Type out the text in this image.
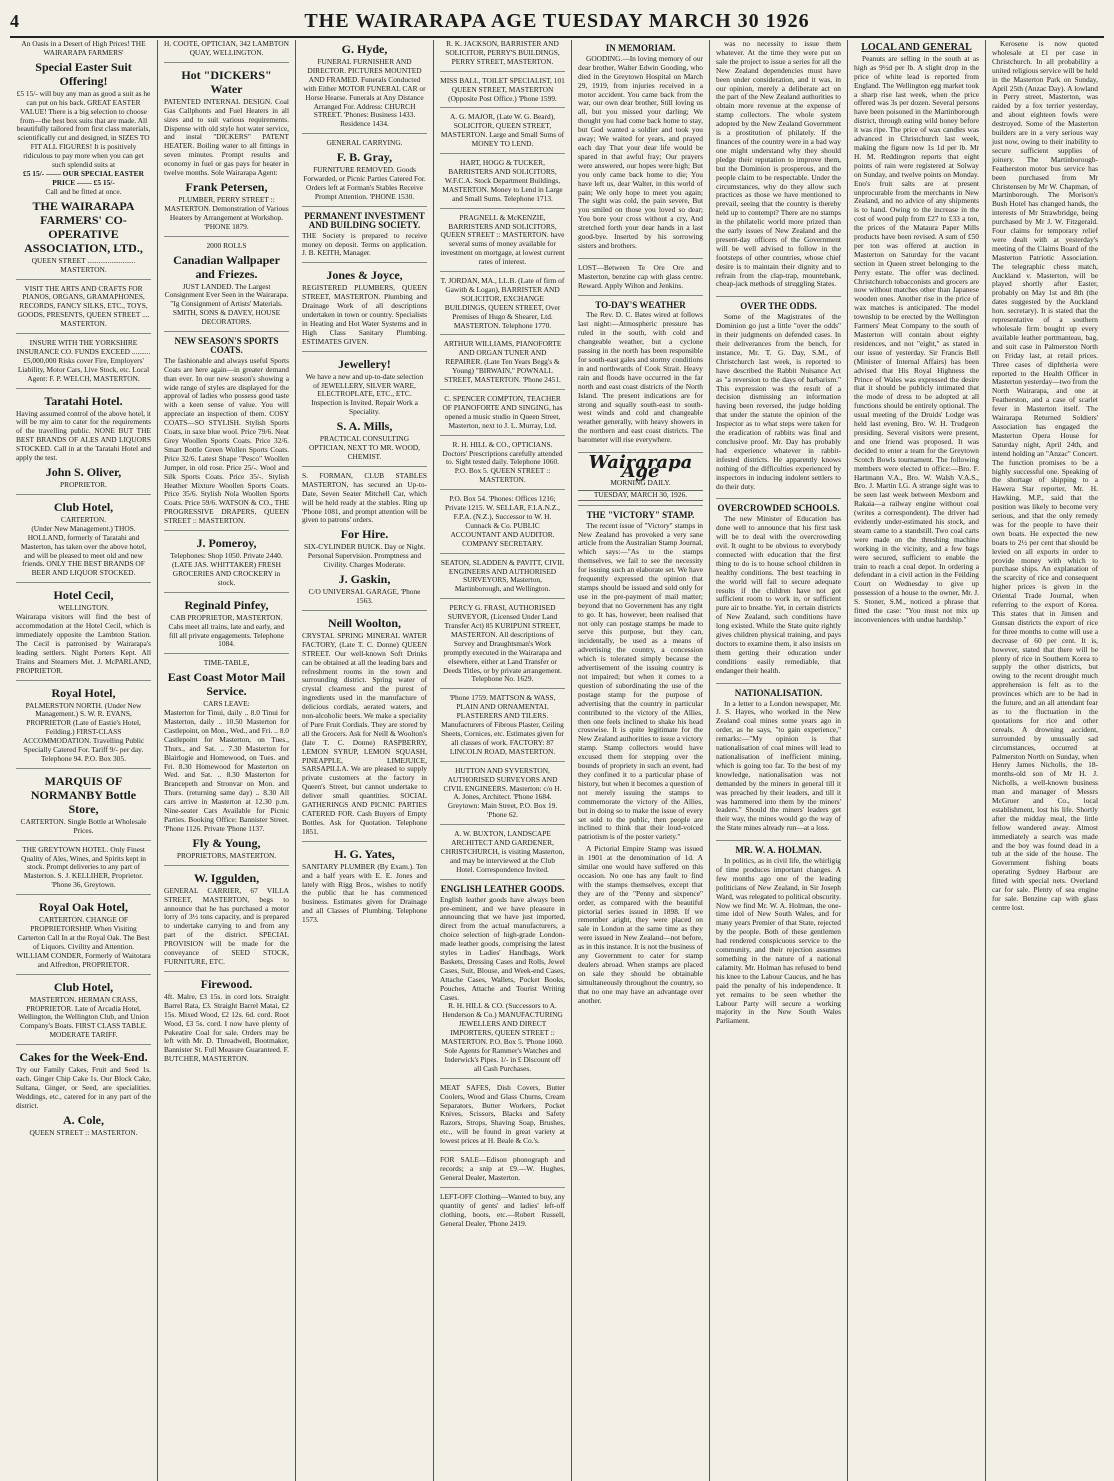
4	THE WAIRARAPA AGE TUESDAY MARCH 30 1926
An Oasis in a Desert of High Prices! THE WAIRARAPA FARMERS'
Special Easter Suit Offering!
£5 15/- will buy any man as good a suit as he can put on his back. GREAT EASTER VALUE! There is a big selection to choose from—the best box suits that are made. All beautifully tailored from first class materials, scientifically cut and designed, in SIZES TO FIT ALL FIGURES! It is positively ridiculous to pay more when you can get such splendid suits at
£5 15/- —— OUR SPECIAL EASTER PRICE —— £5 15/-
Call and be fitted at once.
THE WAIRARAPA FARMERS' CO-OPERATIVE ASSOCIATION, LTD.,
QUEEN STREET .......................... MASTERTON.
VISIT THE ARTS AND CRAFTS FOR PIANOS, ORGANS, GRAMAPHONES, RECORDS, FANCY SILKS, ETC., TOYS, GOODS, PRESENTS, QUEEN STREET .... MASTERTON.
INSURE WITH THE YORKSHIRE INSURANCE CO. FUNDS EXCEED .......... £5,000,000 Risks cover Fire, Employers' Liability, Motor Cars, Live Stock, etc. Local Agent: F. P. WELCH, MASTERTON.
Taratahi Hotel.
Having assumed control of the above hotel, it will be my aim to cater for the requirements of the travelling public. NONE BUT THE BEST BRANDS OF ALES AND LIQUORS STOCKED. Call in at the Taratahi Hotel and apply the test.
John S. Oliver,
PROPRIETOR.
Club Hotel,
CARTERTON.
(Under New Management.) THOS. HOLLAND, formerly of Taratahi and Masterton, has taken over the above hotel, and will be pleased to meet old and new friends. ONLY THE BEST BRANDS OF BEER AND LIQUOR STOCKED.
Hotel Cecil,
WELLINGTON.
Wairarapa visitors will find the best of accommodation at the Hotel Cecil, which is immediately opposite the Lambton Station. The Cecil is patronised by Wairarapa's leading settlers. Night Porters Kept. All Trains and Steamers Met. J. McPARLAND, PROPRIETOR.
Royal Hotel,
PALMERSTON NORTH. (Under New Management.) S. W. R. EVANS, PROPRIETOR (Late of Eastie's Hotel, Feilding.) FIRST-CLASS ACCOMMODATION. Travelling Public Specially Catered For. Tariff 9/- per day. Telephone 94. P.O. Box 305.
MARQUIS OF NORMANBY Bottle Store,
CARTERTON. Single Bottle at Wholesale Prices.
THE GREYTOWN HOTEL. Only Finest Quality of Ales, Wines, and Spirits kept in stock. Prompt deliveries to any part of Masterton. S. J. KELLIHER, Proprietor. 'Phone 36, Greytown.
Royal Oak Hotel,
CARTERTON. CHANGE OF PROPRIETORSHIP. When Visiting Carterton Call In at the Royal Oak. The Best of Liquors. Civility and Attention. WILLIAM CONDER, Formerly of Waitotara and Alfredton, PROPRIETOR.
Club Hotel,
MASTERTON. HERMAN CRASS, PROPRIETOR. Late of Arcadia Hotel, Wellington, the Wellington Club, and Union Company's Boats. FIRST CLASS TABLE. MODERATE TARIFF.
Cakes for the Week-End.
Try our Family Cakes, Fruit and Seed 1s. each. Ginger Chip Cake 1s. Our Block Cake, Sultana, Ginger, or Seed, are specialities. Weddings, etc., catered for in any part of the district.
A. Cole,
QUEEN STREET :: MASTERTON.
H. COOTE, OPTICIAN, 342 LAMBTON QUAY, WELLINGTON.
Hot "DICKERS" Water
PATENTED INTERNAL DESIGN. Coal Gas Callphonts and Fuel Heaters in all sizes and to suit various requirements. Dispense with old style hot water service, and instal "DICKERS" PATENT HEATER. Boiling water to all fittings in seven minutes. Prompt results and economy in fuel or gas pays for heater in twelve months. Sole Wairarapa Agent:
Frank Petersen,
PLUMBER, PERRY STREET :: MASTERTON. Demonstration of Various Heaters by Arrangement at Workshop. 'PHONE 1879.
2000 ROLLS
Canadian Wallpaper and Friezes.
JUST LANDED. The Largest Consignment Ever Seen in the Wairarapa. "Ig Consignment of Artists' Materials. SMITH, SONS & DAVEY, HOUSE DECORATORS.
NEW SEASON'S SPORTS COATS.
The fashionable and always useful Sports Coats are here again—in greater demand than ever. In our new season's showing a wide range of styles are displayed for the approval of ladies who possess good taste with a keen sense of value. You will appreciate an inspection of them. COSY COATS—SO STYLISH. Stylish Sports Coats, in saxe blue wool. Price 79/6. Neat Grey Woollen Sports Coats. Price 32/6. Smart Bottle Green Wollen Sports Coats. Price 32/6. Latest Shape "Pesco" Woollen Jumper, in old rose. Price 25/-. Wool and Silk Sports Coats. Price 35/-. Stylish Heather Mixture Woollen Sports Coats. Price 35/6. Stylish Nola Woollen Sports Coats. Price 59/6. WATSON & CO., THE PROGRESSIVE DRAPERS, QUEEN STREET :: MASTERTON.
J. Pomeroy,
Telephones: Shop 1050. Private 2440. (LATE JAS. WHITTAKER) FRESH GROCERIES AND CROCKERY in stock.
Reginald Pinfey,
CAB PROPRIETOR, MASTERTON. Cabs meet all trains, late and early, and fill all private engagements. Telephone 1084.
TIME-TABLE,
East Coast Motor Mail Service.
CARS LEAVE:
Masterton for Tinui, daily .. 8.0 Tinui for Masterton, daily .. 10.50 Masterton for Castlepoint, on Mon., Wed., and Fri. .. 8.0 Castlepoint for Masterton, on Tues., Thurs., and Sat. .. 7.30 Masterton for Blairlogie and Homewood, on Tues. and Fri. 8.30 Homewood for Masterton on Wed. and Sat. .. 8.30 Masterton for Brancepeth and Stronvar on Mon. and Thurs. (returning same day) .. 8.30 All cars arrive in Masterton at 12.30 p.m. Nine-seater Cars Available for Picnic Parties. Booking Office: Bannister Street. 'Phone 1126. Private 'Phone 1137.
Fly & Young,
PROPRIETORS, MASTERTON.
W. Iggulden,
GENERAL CARRIER, 67 VILLA STREET, MASTERTON, begs to announce that he has purchased a motor lorry of 3½ tons capacity, and is prepared to undertake carrying to and from any part of the district. SPECIAL PROVISION will be made for the conveyance of SEED STOCK, FURNITURE, ETC.
Firewood.
4ft. Malre, £3 15s. in cord lots. Straight Barrel Rata, £3. Straight Barrel Matai, £2 15s. Mixed Wood, £2 12s. 6d. cord. Root Wood, £3 5s. cord. I now have plenty of Pukeatire Coal for sale. Orders may be left with Mr. D. Threadwell, Bootmaker, Bannister St. Full Measure Guaranteed. F. BUTCHER, MASTERTON.
G. Hyde,
FUNERAL FURNISHER AND DIRECTOR. PICTURES MOUNTED AND FRAMED. Funerals Conducted with Either MOTOR FUNERAL CAR or Horse Hearse. Funerals at Any Distance Arranged For. Address: CHURCH STREET. 'Phones: Business 1433. Residence 1434.
GENERAL CARRYING.
F. B. Gray,
FURNITURE REMOVED. Goods Forwarded, or Picnic Parties Catered For. Orders left at Forman's Stables Receive Prompt Attention. 'PHONE 1530.
PERMANENT INVESTMENT AND BUILDING SOCIETY.
THE Society is prepared to receive money on deposit. Terms on application. J. B. KEITH, Manager.
Jones & Joyce,
REGISTERED PLUMBERS, QUEEN STREET, MASTERTON. Plumbing and Drainage Work of all descriptions undertaken in town or country. Specialists in Heating and Hot Water Systems and in High Class Sanitary Plumbing. ESTIMATES GIVEN.
Jewellery!
We have a new and up-to-date selection of JEWELLERY, SILVER WARE, ELECTROPLATE, ETC., ETC. Inspection is Invited. Repair Work a Speciality.
S. A. Mills,
PRACTICAL CONSULTING OPTICIAN, NEXT TO MR. WOOD, CHEMIST.
S. FORMAN, CLUB STABLES MASTERTON, has secured an Up-to-Date, Seven Seater Mitchell Car, which will be held ready at the stables. Ring up 'Phone 1081, and prompt attention will be given to patrons' orders.
For Hire.
SIX-CYLINDER BUICK. Day or Night. Personal Supervision. Promptness and Civility. Charges Moderate.
J. Gaskin,
C/O UNIVERSAL GARAGE, 'Phone 1563.
Neill Woolton,
CRYSTAL SPRING MINERAL WATER FACTORY, (Late T. C. Donne) QUEEN STREET. Our well-known Soft Drinks can be obtained at all the leading bars and refreshment rooms in the town and surrounding district. Spring water of crystal clearness and the purest of ingredients used in the manufacture of delicious cordials, aerated waters, and non-alcoholic beers. We make a speciality of Pure Fruit Cordials. They are stored by all the Grocers. Ask for Neill & Woolton's (late T. C. Donne) RASPBERRY, LEMON SYRUP, LEMON SQUASH, PINEAPPLE, LIMEJUICE, SARSAPILLA. We are pleased to supply private customers at the factory in Queen's Street, but cannot undertake to deliver small quantities. SOCIAL GATHERINGS AND PICNIC PARTIES CATERED FOR. Cash Buyers of Empty Bottles. Ask for Quotation. Telephone 1851.
H. G. Yates,
SANITARY PLUMBER (By Exam.). Ten and a half years with E. E. Jones and lately with Rigg Bros., wishes to notify the public that he has commenced business. Estimates given for Drainage and all Classes of Plumbing. Telephone 1573.
R. K. JACKSON, BARRISTER AND SOLICITOR, PERRY'S BUILDINGS, PERRY STREET, MASTERTON.
MISS BALL, TOILET SPECIALIST, 101 QUEEN STREET, MASTERTON (Opposite Post Office.) 'Phone 1599.
A. G. MAJOR, (Late W. G. Beard), SOLICITOR, QUEEN STREET, MASTERTON. Large and Small Sums of MONEY TO LEND.
HART, HOGG & TUCKER, BARRISTERS AND SOLICITORS, W.F.C.A. Stock Department Buildings, MASTERTON. Money to Lend in Large and Small Sums. Telephone 1713.
PRAGNELL & McKENZIE, BARRISTERS AND SOLICITORS, QUEEN STREET :: MASTERTON. have several sums of money available for investment on mortgage, at lowest current rates of interest.
T. JORDAN, MA., LL.B. (Late of firm of Gawith & Logan), BARRISTER AND SOLICITOR, EXCHANGE BUILDINGS, QUEEN STREET, Over Premises of Hugo & Shearer, Ltd. MASTERTON. Telephone 1770.
ARTHUR WILLIAMS, PIANOFORTE AND ORGAN TUNER AND REPAIRER. (Late Ten Years Begg's & Young) "BIRWAIN," POWNALL STREET, MASTERTON. 'Phone 2451.
C. SPENCER COMPTON, TEACHER OF PIANOFORTE AND SINGING, has opened a music studio in Queen Street, Masterton, next to J. L. Murray, Ltd.
R. H. HILL & CO., OPTICIANS. Doctors' Prescriptions carefully attended to. Sight tested daily. Telephone 1060. P.O. Box 5. QUEEN STREET :: MASTERTON.
P.O. Box 54. 'Phones: Offices 1216; Private 1215. W. SELLAR, F.I.A.N.Z., F.P.A. (N.Z.), Successor to W. H. Cunnack & Co. PUBLIC ACCOUNTANT AND AUDITOR. COMPANY SECRETARY.
SEATON, SLADDEN & PAVITT, CIVIL ENGINEERS AND AUTHORISED SURVEYORS, Masterton, Martinborough, and Wellington.
PERCY G. FRASI, AUTHORISED SURVEYOR, (Licensed Under Land Transfer Act) 85 KURIPUNI STREET, MASTERTON. All descriptions of Survey and Draughtsman's Work promptly executed in the Wairarapa and elsewhere, either at Land Transfer or Deeds Titles, or by private arrangement. Telephone No. 1629.
'Phone 1759. MATTSON & WASS, PLAIN AND ORNAMENTAL PLASTERERS AND TILERS. Manufacturers of Fibrous Plaster, Ceiling Sheets, Cornices, etc. Estimates given for all classes of work. FACTORY: 87 LINCOLN ROAD, MASTERTON.
HUTTON AND SYVERSTON, AUTHORISED SURVEYORS AND CIVIL ENGINEERS. Masterton: c/o H. A. Jones, Architect. 'Phone 1684. Greytown: Main Street, P.O. Box 19. 'Phone 62.
A. W. BUXTON, LANDSCAPE ARCHITECT AND GARDENER, CHRISTCHURCH, is visiting Masterton, and may be interviewed at the Club Hotel. Correspondence Invited.
ENGLISH LEATHER GOODS.
English leather goods have always been pre-eminent, and we have pleasure in announcing that we have just imported, direct from the actual manufacturers, a choice selection of high-grade London-made leather goods, comprising the latest styles in Ladies' Handbags, Work Baskets, Dressing Cases and Rolls, Jewel Cases, Suit, Blouse, and Week-end Cases, Attache Cases, Wallets, Pocket Books, Pouches, Attache and Tourist Writing Cases.
R. H. HILL & CO. (Successors to A. Henderson & Co.) MANUFACTURING JEWELLERS AND DIRECT IMPORTERS, QUEEN STREET :: MASTERTON. P.O. Box 5. 'Phone 1060. Sole Agents for Rammer's Watches and Inderwick's Pipes. 1/- in £ Discount off all Cash Purchases.
MEAT SAFES, Dish Covers, Butter Coolers, Wood and Glass Churns, Cream Separators, Butter Workers, Pocket Knives, Scissors, Blacks and Safety Razors, Strops, Shaving Soap, Brushes, etc., will be found in great variety at lowest prices at H. Beale & Co.'s.
FOR SALE—Edison phonograph and records; a snip at £9.—W. Hughes, General Dealer, Masterton.
LEFT-OFF Clothing—Wanted to buy, any quantity of gents' and ladies' left-off clothing, boots, etc.—Robert Russell, General Dealer, 'Phone 2419.
IN MEMORIAM.
GOODING.—In loving memory of our dear brother, Walter Edwin Gooding, who died in the Greytown Hospital on March 29, 1919, from injuries received in a motor accident. You came back from the war, our own dear brother, Still loving us all, but you missed your darling; We thought you had come back home to stay, but God wanted a soldier and took you away; We waited for years, and prayed each day That your dear life would be spared in that awful fray; Our prayers were answered, our hopes were high; But you only came back home to die; You have left us, dear Walter, in this world of pain; We only hope to meet you again; The sight was cold, the pain severe, But you smiled on those you loved so dear; You bore your cross without a cry, And stretched forth your dear hands in a last good-bye. Inserted by his sorrowing sisters and brothers.
LOST—Between Te Ore Ore and Masterton, benzine cap with glass centre. Reward. Apply Wilton and Jenkins.
TO-DAY'S WEATHER
The Rev. D. C. Bates wired at follows last night:—Atmospheric pressure has ruled in the south, with cold and changeable weather, but a cyclone passing in the north has been responsible for south-east gales and stormy conditions in and northwards of Cook Strait. Heavy rain and floods have occurred in the far north and east coast districts of the North Island. The present indications are for strong and squally south-east to south-west winds and cold and changeable weather generally, with heavy showers in the northern and east coast districts. The barometer will rise everywhere.
Wairarapa Age
MORNING DAILY.
TUESDAY, MARCH 30, 1926.
THE "VICTORY" STAMP.
The recent issue of "Victory" stamps in New Zealand has provoked a very sane article from the Australian Stamp Journal, which says:—"As to the stamps themselves, we fail to see the necessity for issuing such an elaborate set. We have frequently expressed the opinion that stamps should be issued and sold only for use in the pre-payment of mail matter; beyond that no Government has any right to go. It has, however, been realised that not only can postage stamps be made to serve this purpose, but they can, incidentally, be used as a means of advertising the country, a concession which is tolerated simply because the advertisement of the issuing country is not impaired; but when it comes to a question of subordinating the use of the postage stamp for the purpose of advertising that the country in particular contributed to the victory of the Allies, then one feels inclined to shake his head crosswise. It is quite legitimate for the New Zealand authorities to issue a victory stamp. Stamp collectors would have excused them for stepping over the bounds of propriety in such an event, had they confined it to a particular phase of history, but when it becomes a question of not merely issuing the stamps to commemorate the victory of the Allies, but in doing so to make the issue of every set sold to the public, then people are inclined to think that their loud-voiced patriotism is of the poster variety."
A Pictorial Empire Stamp was issued in 1901 at the denomination of 1d. A similar one would have suffered on this occasion. No one has any fault to find with the stamps themselves, except that they are of the "Penny and sixpence" order, as compared with the beautiful pictorial series issued in 1898. If we remember aright, they were placed on sale in London at the same time as they were issued in New Zealand—not before, as in this instance. It is not the business of any Government to cater for stamp dealers abroad. When stamps are placed on sale they should be obtainable simultaneously throughout the country, so that no one may have an advantage over another.
was no necessity to issue them whatever. At the time they were put on sale the project to issue a series for all the New Zealand dependencies must have been under consideration, and it was, in our opinion, merely a deliberate act on the part of the New Zealand authorities to obtain more revenue at the expense of stamp collectors. The whole system adopted by the New Zealand Government is a prostitution of philately. If the finances of the country were in a bad way one might understand why they should pledge their reputation to improve them, but the Dominion is prosperous, and the people claim to be respectable. Under the circumstances, why do they allow such practices as those we have mentioned to prevail, seeing that the country is thereby held up to contempt? There are no stamps in the philatelic world more prized than the early issues of New Zealand and the present-day officers of the Government will be well advised to follow in the footsteps of other countries, whose chief desire is to maintain their dignity and to refrain from the clap-trap, mountebank, cheap-jack methods of struggling States.
OVER THE ODDS.
Some of the Magistrates of the Dominion go just a little "over the odds" in their judgments on defended cases. In their deliverances from the bench, for instance, Mr. T. G. Day, S.M., of Christchurch last week, is reported to have described the Rabbit Nuisance Act as "a reversion to the days of barbarism." This expression was the result of a decision dismissing an information having been reversed, the judge holding that under the statute the opinion of the Inspector as to what steps were taken for the eradication of rabbits was final and conclusive proof. Mr. Day has probably had experience whatever in rabbit-infested districts. He apparently knows nothing of the difficulties experienced by inspectors in inducing indolent settlers to do their duty.
OVERCROWDED SCHOOLS.
The new Minister of Education has done well to announce that his first task will be to deal with the overcrowding evil. It ought to be obvious to everybody connected with education that the first thing to do is to house school children in healthy conditions. The best teaching in the world will fail to secure adequate results if the children have not got sufficient room to work in, or sufficient pure air to breathe. Yet, in certain districts of New Zealand, such conditions have long existed. While the State quite rightly gives children physical training, and pays doctors to examine them, it also insists on them getting their education under conditions easily remediable, that endanger their health.
NATIONALISATION.
In a letter to a London newspaper, Mr. J. S. Hayes, who worked in the New Zealand coal mines some years ago in order, as he says, "to gain experience," remarks:—"My opinion is that nationalisation of coal mines will lead to nationalisation of inefficient mining, which is going too far. To the best of my knowledge, nationalisation was not demanded by the miners in general till it was preached by their leaders, and till it was hammered into them by the miners' leaders." Should the miners' leaders get their way, the mines would go the way of the State mines already run—at a loss.
MR. W. A. HOLMAN.
In politics, as in civil life, the whirligig of time produces important changes. A few months ago one of the leading politicians of New Zealand, in Sir Joseph Ward, was relegated to political obscurity. Now we find Mr. W. A. Holman, the one-time idol of New South Wales, and for many years Premier of that State, rejected by the people. Both of these gentlemen had rendered conspicuous service to the community, and their rejection assumes something in the nature of a national calamity. Mr. Holman has refused to bend his knee to the Labour Caucus, and he has paid the penalty of his independence. It yet remains to be seen whether the Labour Party will secure a working majority in the New South Wales Parliament.
LOCAL AND GENERAL
Peanuts are selling in the south at as high as 9½d per lb. A slight drop in the price of white lead is reported from England. The Wellington egg market took a sharp rise last week, when the price offered was 3s per dozen. Several persons have been poisoned in the Martinborough district, through eating wild honey before it was ripe. The price of wax candles was advanced in Christchurch last week, making the figure now 1s 1d per lb. Mr H. M. Reddington reports that eight points of rain were registered at Solway on Sunday, and twelve points on Monday. Eno's fruit salts are at present unprocurable from the merchants in New Zealand, and no advice of any shipments is to hand. Owing to the increase in the cost of wood pulp from £27 to £33 a ton, the prices of the Mataura Paper Mills products have been revised. A sum of £50 per ton was offered at auction in Masterton on Saturday for the vacant section in Queen street belonging to the Perry estate. The offer was declined. Christchurch tobacconists and grocers are now without matches other than Japanese wooden ones. Another rise in the price of wax matches is anticipated. The model township to be erected by the Wellington Farmers' Meat Company to the south of Masterton will contain about eighty residences, and not "eight," as stated in our issue of yesterday. Sir Francis Bell (Minister of Internal Affairs) has been advised that His Royal Highness the Prince of Wales was expressed the desire that it should be publicly intimated that the mode of dress to be adopted at all functions should be entirely optional. The usual meeting of the Druids' Lodge was held last evening, Bro. W. H. Trudgeon presiding. Several visitors were present, and one friend was proposed. It was decided to enter a team for the Greytown Scotch Bowls tournament. The following members were elected to office:—Bro. F. Hartmann V.A., Bro. W. Walsh V.A.S., Bro. J. Martin I.G. A strange sight was to be seen last week between Mexborn and Rakaia—a railway engine without coal (writes a correspondent). The driver had evidently under-estimated his stock, and steam came to a standstill. Two coal carts were made on the threshing machine working in the vicinity, and a few bags were secured, sufficient to enable the train to reach a coal depot. In ordering a defendant in a civil action in the Feilding Court on Wednesday to give up possession of a house to the owner, Mr. J. S. Stoner, S.M., noticed a phrase that fitted the case: "You must not mix up inconveniences with undue hardship."
Kerosene is now quoted wholesale at £1 per case in Christchurch. In all probability a united religious service will be held in the Masterton Park on Sunday, April 25th (Anzac Day). A lowland in Perry street, Masterton, was raided by a fox terrier yesterday, and about eighteen fowls were destroyed. Some of the Masterton builders are in a very serious way just now, owing to their inability to secure sufficient supplies of joinery. The Martinborough-Featherston motor bus service has been purchased from Mr Christensen by Mr W. Chapman, of Martinborough. The Morison's Bush Hotel has changed hands, the interests of Mr Strawbridge, being purchased by Mr J. W. Fitzgerald. Four claims for temporary relief were dealt with at yesterday's meeting of the Claims Board of the Masterton Patriotic Association. The telegraphic chess match, Auckland v. Masterton, will be played shortly after Easter, probably on May 1st and 8th (the dates suggested by the Auckland hon. secretary). It is stated that the representative of a southern wholesale firm bought up every available leather portmanteau, bag, and suit case in Palmerston North on Friday last, at retail prices. Three cases of diphtheria were reported to the Health Officer in Masterton yesterday—two from the North Wairarapa, and one at Featherston, and a case of scarlet fever in Masterton itself. The Wairarapa Returned Soldiers' Association has engaged the Masterton Opera House for Saturday night, April 24th, and intend holding an "Anzac" Concert. The function promises to be a highly successful one. Speaking of the shortage of shipping to a Hawera Star reporter, Mr. H. Hawking, M.P., said that the position was likely to become very serious, and that the only remedy was for the people to have their own boats. He expected the new boats to 2½ per cent that should be levied on all exports in order to provide money with which to purchase ships. An explanation of the scarcity of rice and consequent higher prices is given in the Oriental Trade Journal, when referring to the export of Korea. This states that in Jimsen and Gunsan districts the export of rice for three months to come will use a decrease of 60 per cent. It is, however, stated that there will be plenty of rice in Southern Korea to supply the other districts, but owing to the recent drought much apprehension is felt as to the provinces which are to be had in the future, and an all attendant fear as to the fluctuation in the quotations for rice and other cereals. A drowning accident, surrounded by unusually sad circumstances, occurred at Palmerston North on Sunday, when Henry James Nicholls, the 18-months-old son of Mr H. J. Nicholls, a well-known business man and manager of Messrs McGruer and Co., local establishment, lost his life. Shortly after the midday meal, the little fellow wandered away. Almost immediately a search was made and the boy was found dead in a tub at the side of the house. The Government fishing boats operating Sydney Harbour are fitted with special nets. Overland car for sale. Plenty of sea engine for sale. Benzine cap with glass centre lost.
